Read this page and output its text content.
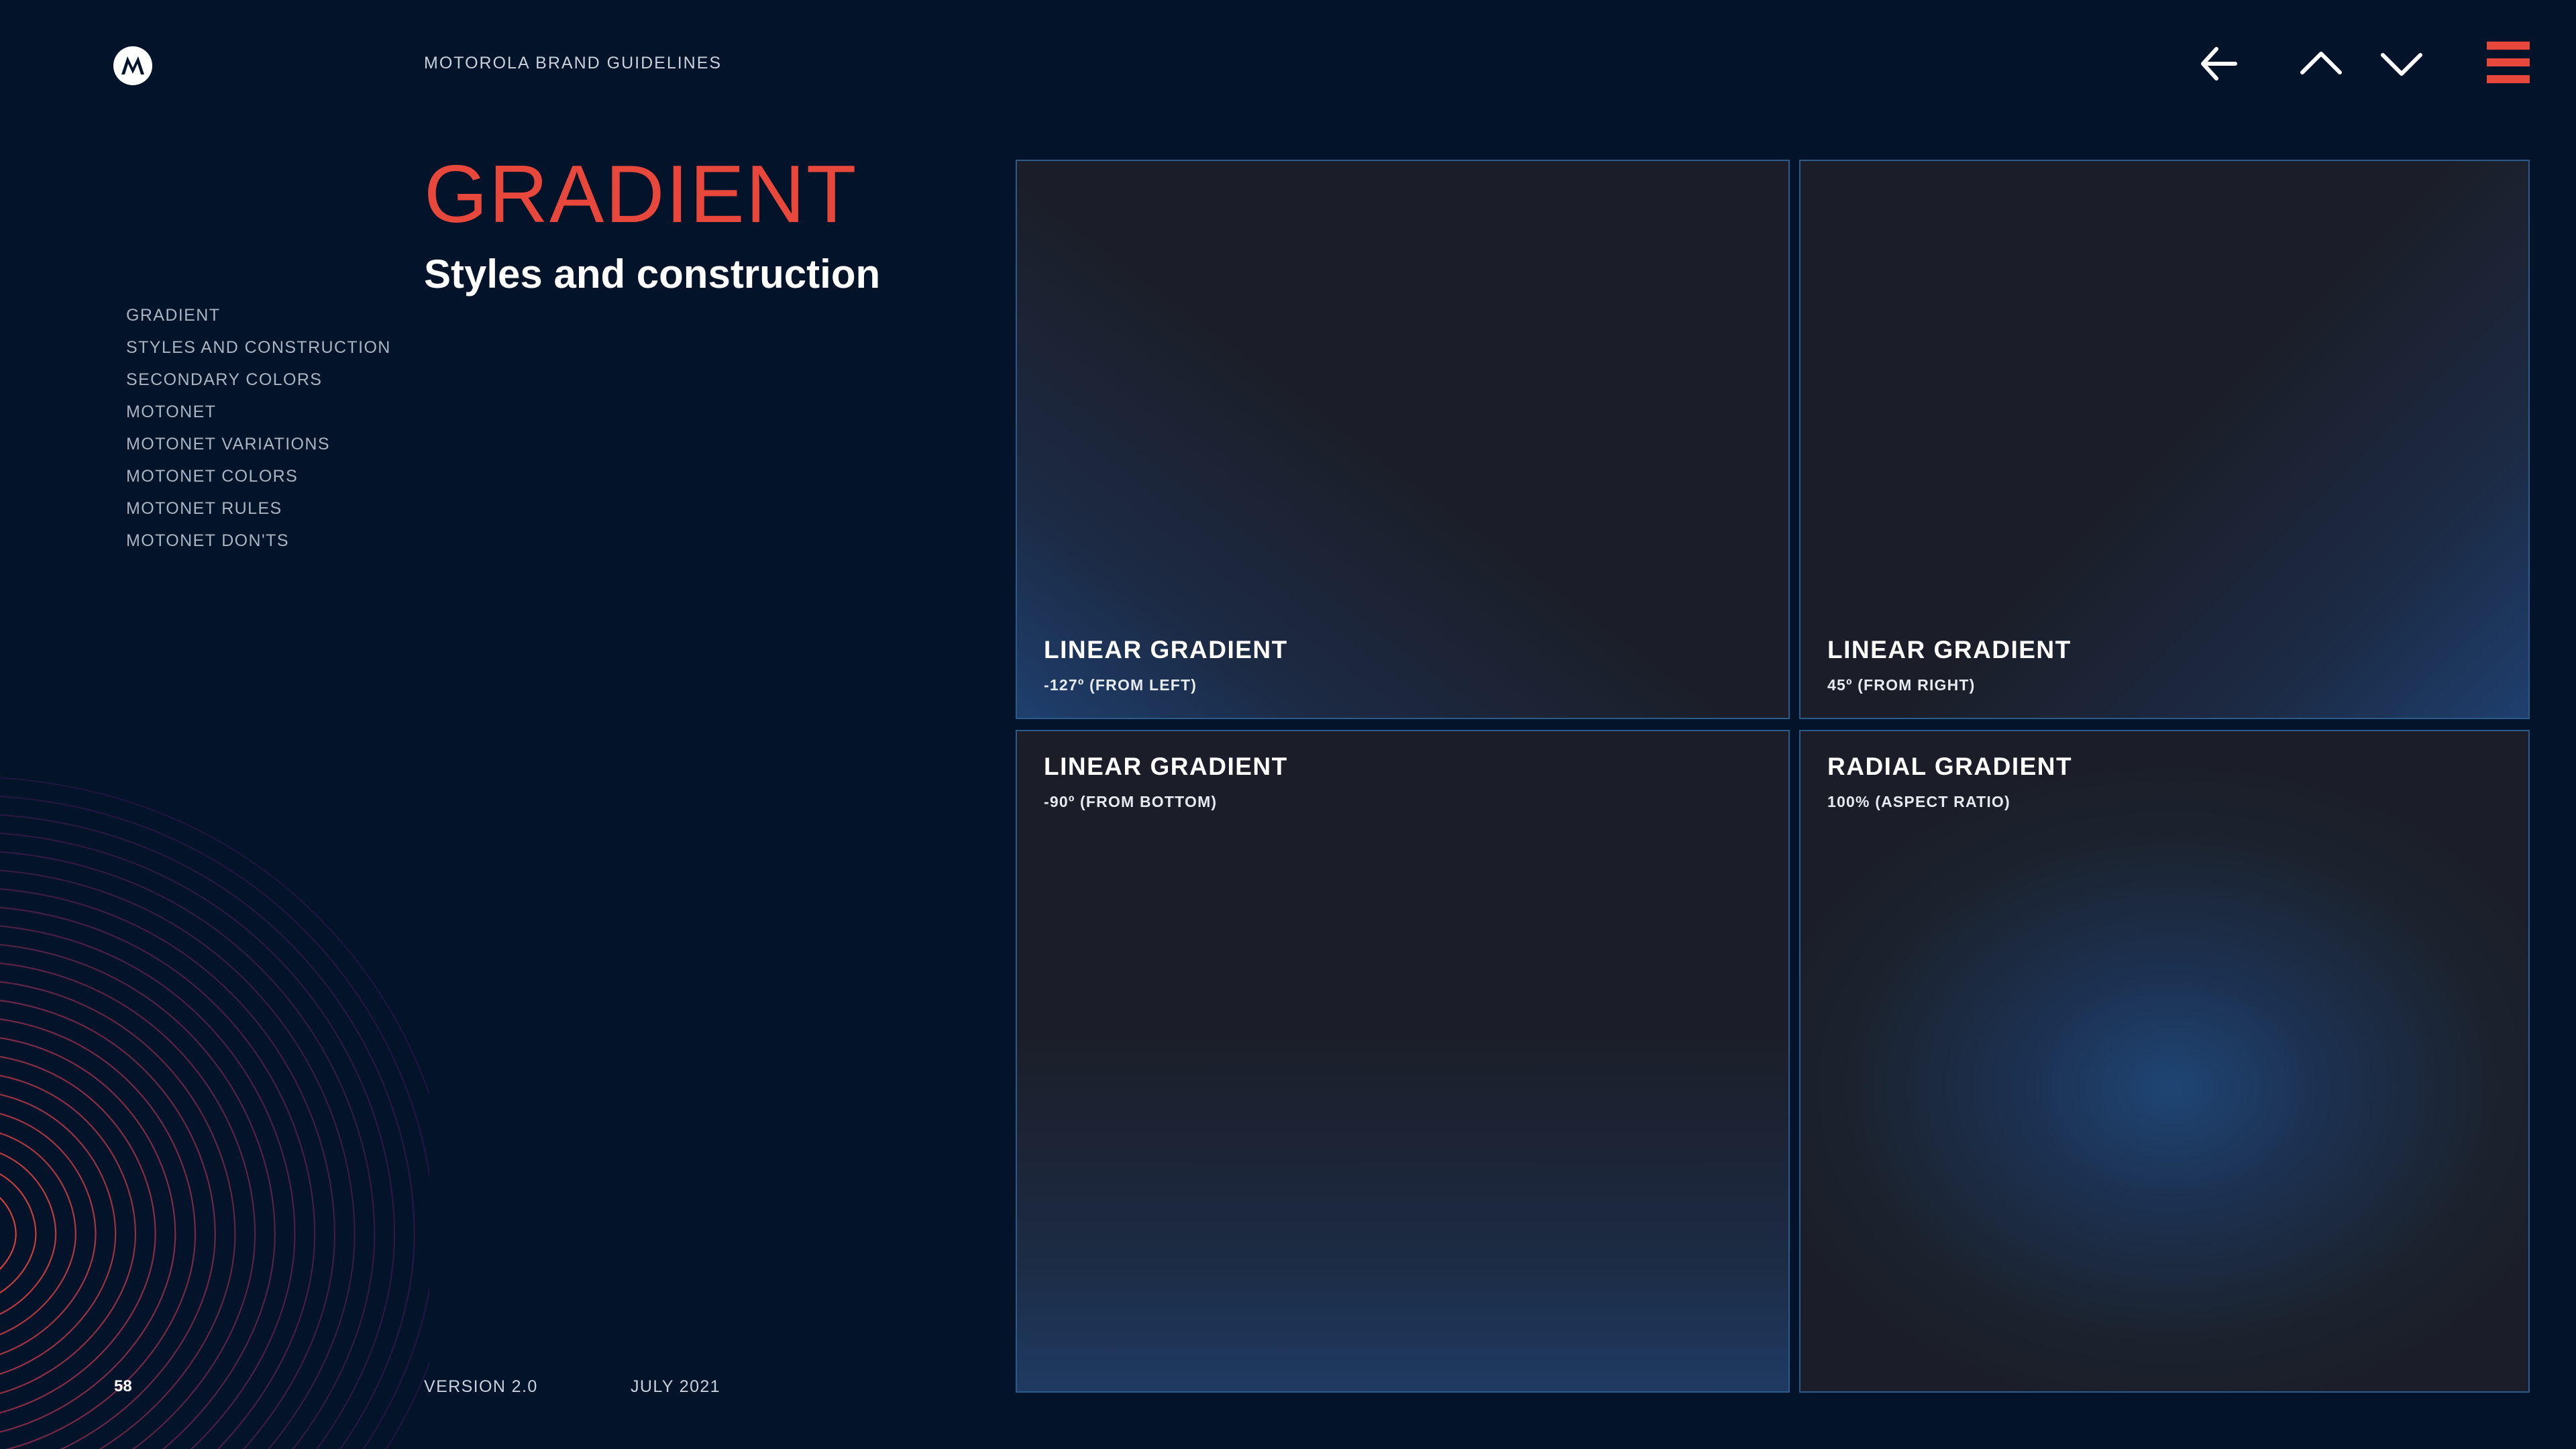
MOTOROLA BRAND GUIDELINES
GRADIENT
Styles and construction
GRADIENT
STYLES AND CONSTRUCTION
SECONDARY COLORS
MOTONET
MOTONET VARIATIONS
MOTONET COLORS
MOTONET RULES
MOTONET DON'TS
LINEAR GRADIENT
-127º (FROM LEFT)
LINEAR GRADIENT
45º (FROM RIGHT)
LINEAR GRADIENT
-90º (FROM BOTTOM)
RADIAL GRADIENT
100% (ASPECT RATIO)
58	VERSION 2.0	JULY 2021
